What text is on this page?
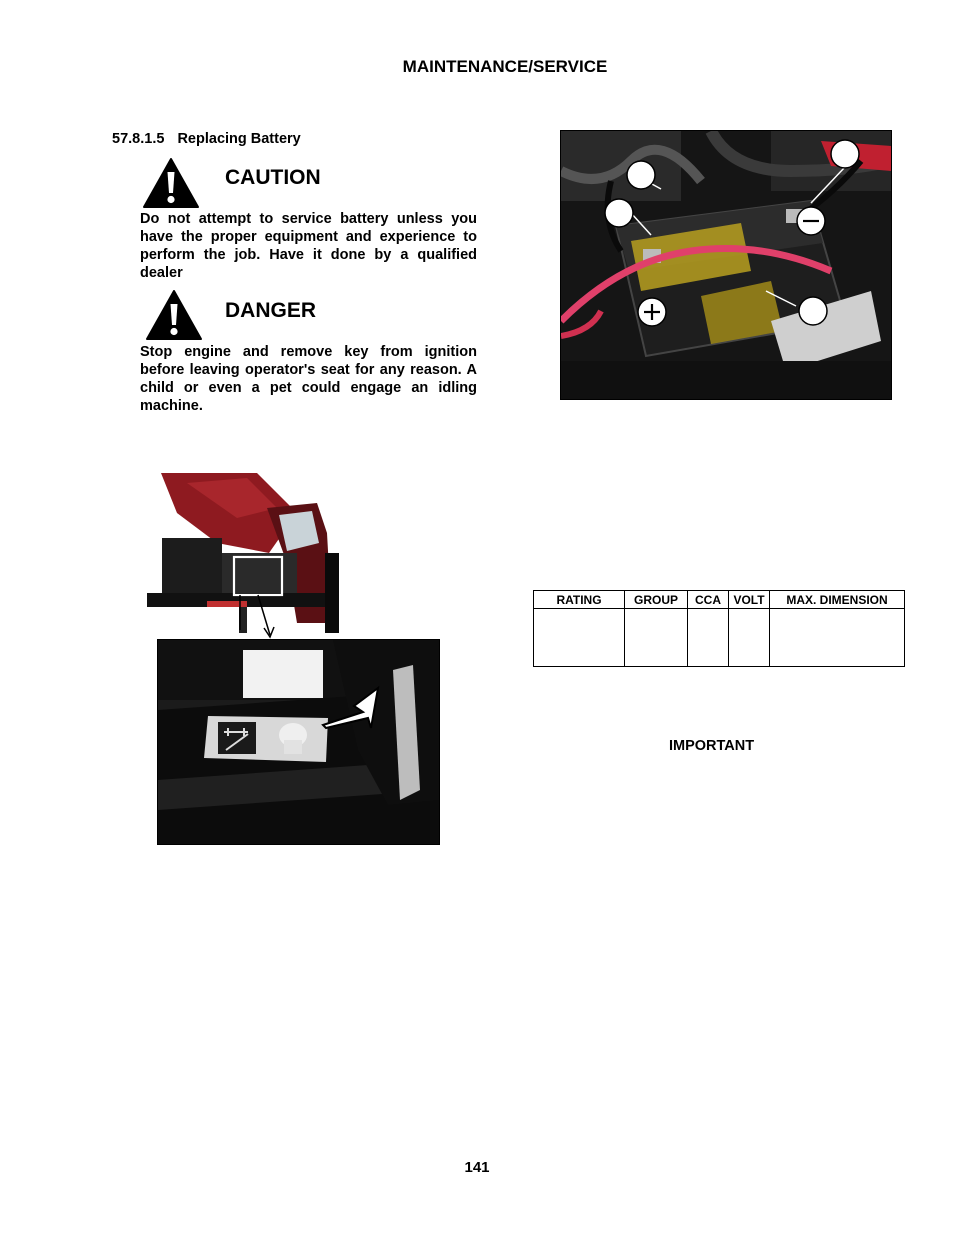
MAINTENANCE/SERVICE
57.8.1.5 Replacing Battery
CAUTION
Do not attempt to service battery unless you have the proper equipment and experience to perform the job. Have it done by a qualified dealer
DANGER
Stop engine and remove key from ignition before leaving operator's seat for any reason. A child or even a pet could engage an idling machine.
RATING	GROUP	CCA	VOLT	MAX. DIMENSION

IMPORTANT
141
